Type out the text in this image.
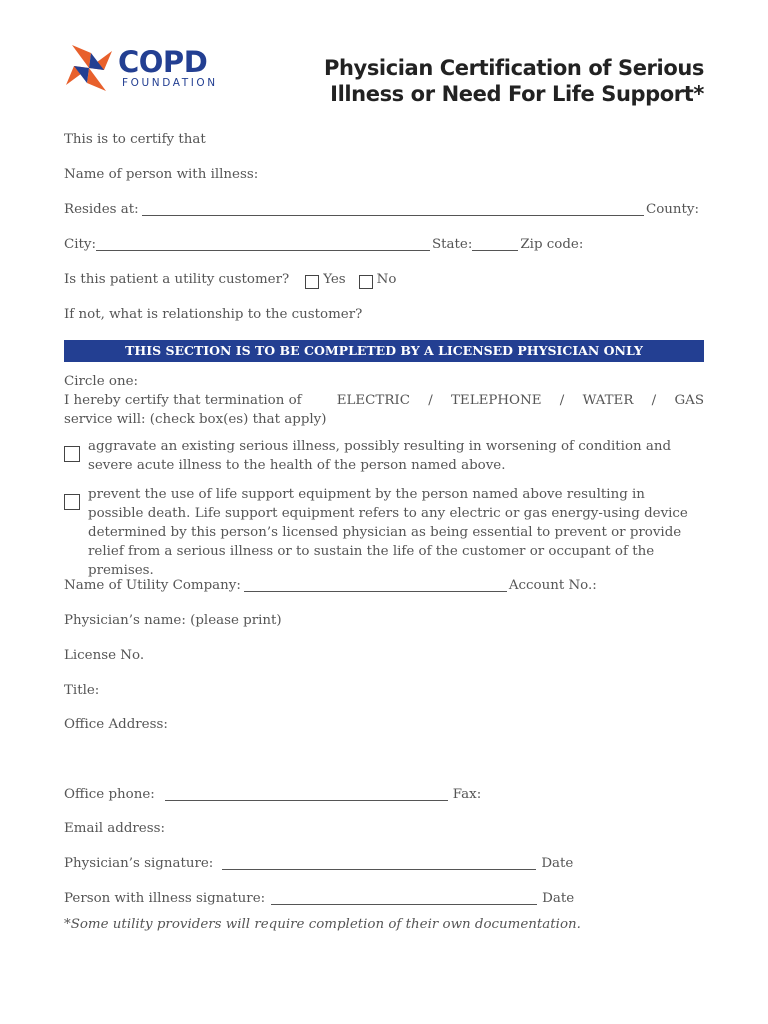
COPD
FOUNDATION
Physician Certification of Serious
Illness or Need For Life Support*
This is to certify that
Name of person with illness:
Resides at:	County:
City:	State:	Zip code:
Is this patient a utility customer?	Yes No
If not, what is relationship to the customer?
THIS SECTION IS TO BE COMPLETED BY A LICENSED PHYSICIAN ONLY
Circle one:
I hereby certify that termination of	ELECTRIC / TELEPHONE / WATER / GAS
service will: (check box(es) that apply)
aggravate an existing serious illness, possibly resulting in worsening of condition and severe acute illness to the health of the person named above.
prevent the use of life support equipment by the person named above resulting in possible death. Life support equipment refers to any electric or gas energy-using device determined by this person’s licensed physician as being essential to prevent or provide relief from a serious illness or to sustain the life of the customer or occupant of the premises.
Name of Utility Company:	Account No.:
Physician’s name: (please print)
License No.
Title:
Office Address:
Office phone:	Fax:
Email address:
Physician’s signature:	Date
Person with illness signature:	Date
*Some utility providers will require completion of their own documentation.
